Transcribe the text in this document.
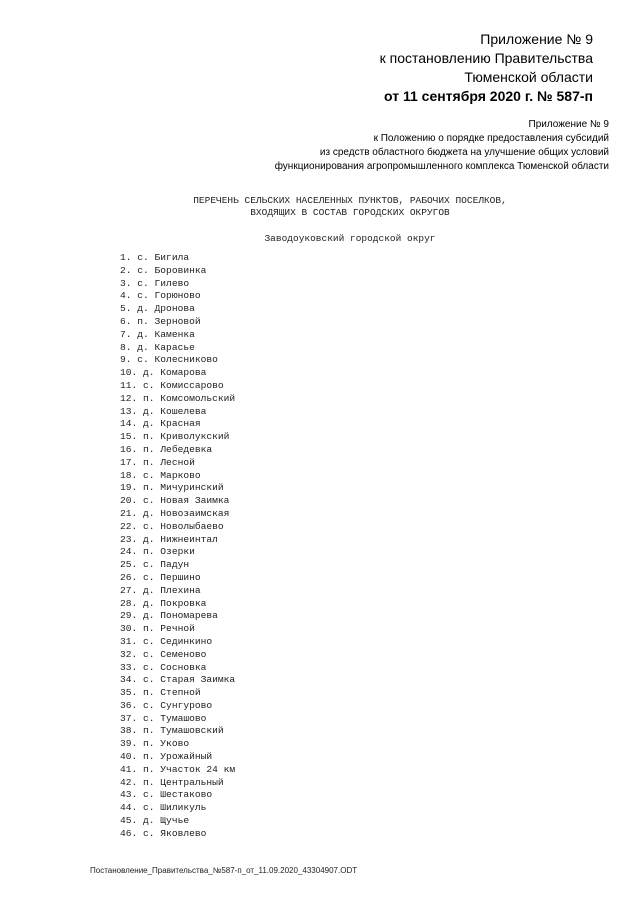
Приложение № 9
к постановлению Правительства
Тюменской области
от 11 сентября 2020 г. № 587-п
Приложение № 9
к Положению о порядке предоставления субсидий
из средств областного бюджета на улучшение общих условий
функционирования агропромышленного комплекса Тюменской области
ПЕРЕЧЕНЬ СЕЛЬСКИХ НАСЕЛЕННЫХ ПУНКТОВ, РАБОЧИХ ПОСЕЛКОВ,
ВХОДЯЩИХ В СОСТАВ ГОРОДСКИХ ОКРУГОВ
Заводоуковский городской округ
1. с. Бигила
2. с. Боровинка
3. с. Гилево
4. с. Горюново
5. д. Дронова
6. п. Зерновой
7. д. Каменка
8. д. Карасье
9. с. Колесниково
10. д. Комарова
11. с. Комиссарово
12. п. Комсомольский
13. д. Кошелева
14. д. Красная
15. п. Криволукский
16. п. Лебедевка
17. п. Лесной
18. с. Марково
19. п. Мичуринский
20. с. Новая Заимка
21. д. Новозаимская
22. с. Новолыбаево
23. д. Нижнеинтал
24. п. Озерки
25. с. Падун
26. с. Першино
27. д. Плехина
28. д. Покровка
29. д. Пономарева
30. п. Речной
31. с. Сединкино
32. с. Семеново
33. с. Сосновка
34. с. Старая Заимка
35. п. Степной
36. с. Сунгурово
37. с. Тумашово
38. п. Тумашовский
39. п. Уково
40. п. Урожайный
41. п. Участок 24 км
42. п. Центральный
43. с. Шестаково
44. с. Шиликуль
45. д. Щучье
46. с. Яковлево
Постановление_Правительства_№587-п_от_11.09.2020_43304907.ODT
